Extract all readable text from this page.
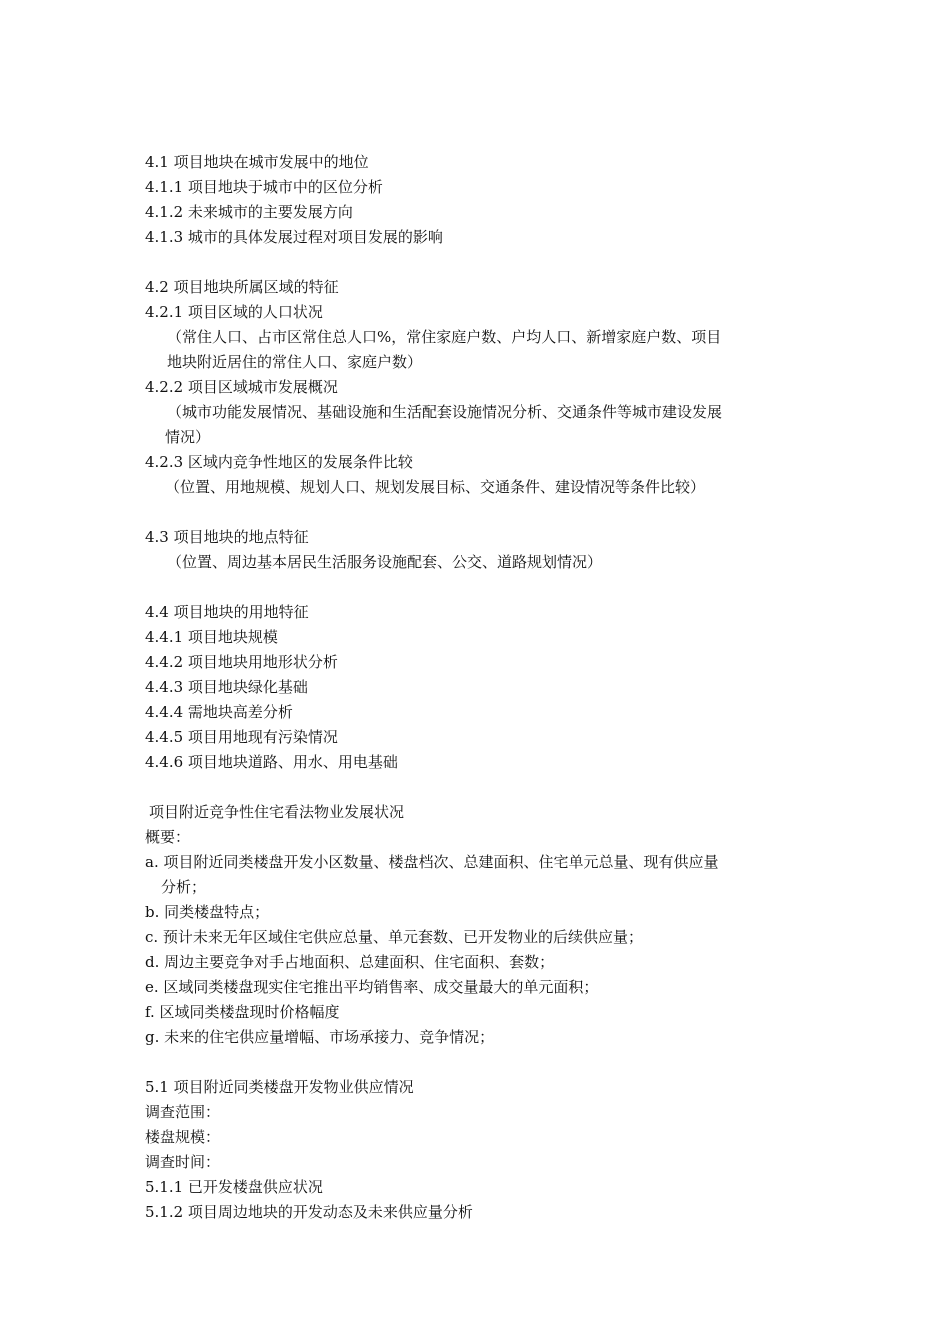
4.1 项目地块在城市发展中的地位
4.1.1 项目地块于城市中的区位分析
4.1.2 未来城市的主要发展方向
4.1.3 城市的具体发展过程对项目发展的影响
4.2 项目地块所属区域的特征
4.2.1 项目区域的人口状况
（常住人口、占市区常住总人口%，常住家庭户数、户均人口、新增家庭户数、项目
地块附近居住的常住人口、家庭户数）
4.2.2 项目区域城市发展概况
（城市功能发展情况、基础设施和生活配套设施情况分析、交通条件等城市建设发展
情况）
4.2.3 区域内竞争性地区的发展条件比较
（位置、用地规模、规划人口、规划发展目标、交通条件、建设情况等条件比较）
4.3 项目地块的地点特征
（位置、周边基本居民生活服务设施配套、公交、道路规划情况）
4.4 项目地块的用地特征
4.4.1 项目地块规模
4.4.2 项目地块用地形状分析
4.4.3 项目地块绿化基础
4.4.4 需地块高差分析
4.4.5 项目用地现有污染情况
4.4.6 项目地块道路、用水、用电基础
项目附近竞争性住宅看法物业发展状况
概要：
a. 项目附近同类楼盘开发小区数量、楼盘档次、总建面积、住宅单元总量、现有供应量
分析；
b. 同类楼盘特点；
c. 预计未来无年区域住宅供应总量、单元套数、已开发物业的后续供应量；
d. 周边主要竞争对手占地面积、总建面积、住宅面积、套数；
e. 区域同类楼盘现实住宅推出平均销售率、成交量最大的单元面积；
f. 区域同类楼盘现时价格幅度
g. 未来的住宅供应量增幅、市场承接力、竞争情况；
5.1 项目附近同类楼盘开发物业供应情况
调查范围：
楼盘规模：
调查时间：
5.1.1 已开发楼盘供应状况
5.1.2 项目周边地块的开发动态及未来供应量分析
